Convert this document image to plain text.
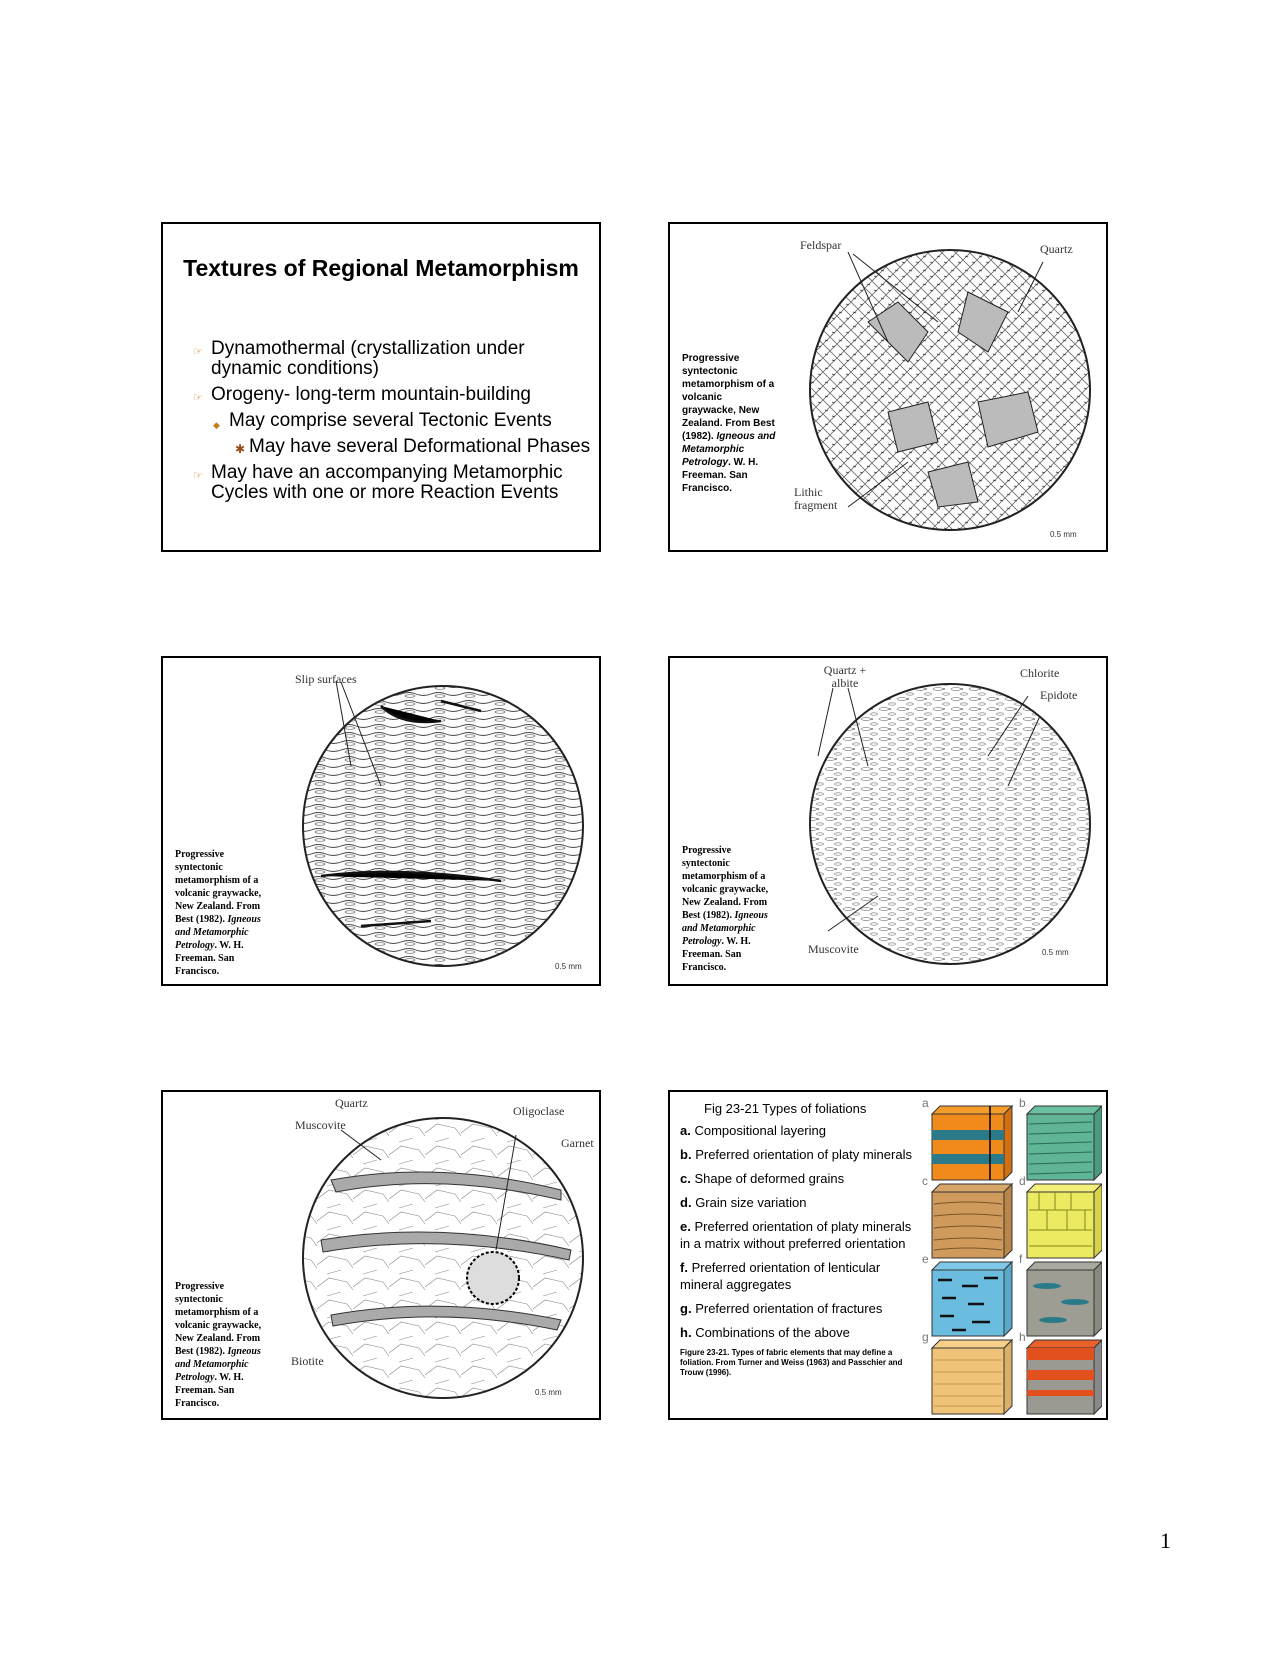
Textures of Regional Metamorphism
☞ Dynamothermal (crystallization under dynamic conditions)
☞ Orogeny- long-term mountain-building
◆ May comprise several Tectonic Events
✱ May have several Deformational Phases
☞ May have an accompanying Metamorphic Cycles with one or more Reaction Events
Progressive syntectonic metamorphism of a volcanic graywacke, New Zealand. From Best (1982). Igneous and Metamorphic Petrology. W. H. Freeman. San Francisco.
Feldspar	Quartz
Lithic fragment
0.5 mm
Progressive syntectonic metamorphism of a volcanic graywacke, New Zealand. From Best (1982). Igneous and Metamorphic Petrology. W. H. Freeman. San Francisco.
Slip surfaces
0.5 mm
Progressive syntectonic metamorphism of a volcanic graywacke, New Zealand. From Best (1982). Igneous and Metamorphic Petrology. W. H. Freeman. San Francisco.
Quartz + albite
Chlorite
Epidote
Muscovite	0.5 mm
Progressive syntectonic metamorphism of a volcanic graywacke, New Zealand. From Best (1982). Igneous and Metamorphic Petrology. W. H. Freeman. San Francisco.
Quartz
Muscovite
Oligoclase
Garnet
Biotite
0.5 mm
Fig 23-21 Types of foliations
a. Compositional layering
b. Preferred orientation of platy minerals
c. Shape of deformed grains
d. Grain size variation
e. Preferred orientation of platy minerals in a matrix without preferred orientation
f. Preferred orientation of lenticular mineral aggregates
g. Preferred orientation of fractures
h. Combinations of the above
Figure 23-21. Types of fabric elements that may define a foliation. From Turner and Weiss (1963) and Passchier and Trouw (1996).
a	b
c	d
e	f
g	h
1
